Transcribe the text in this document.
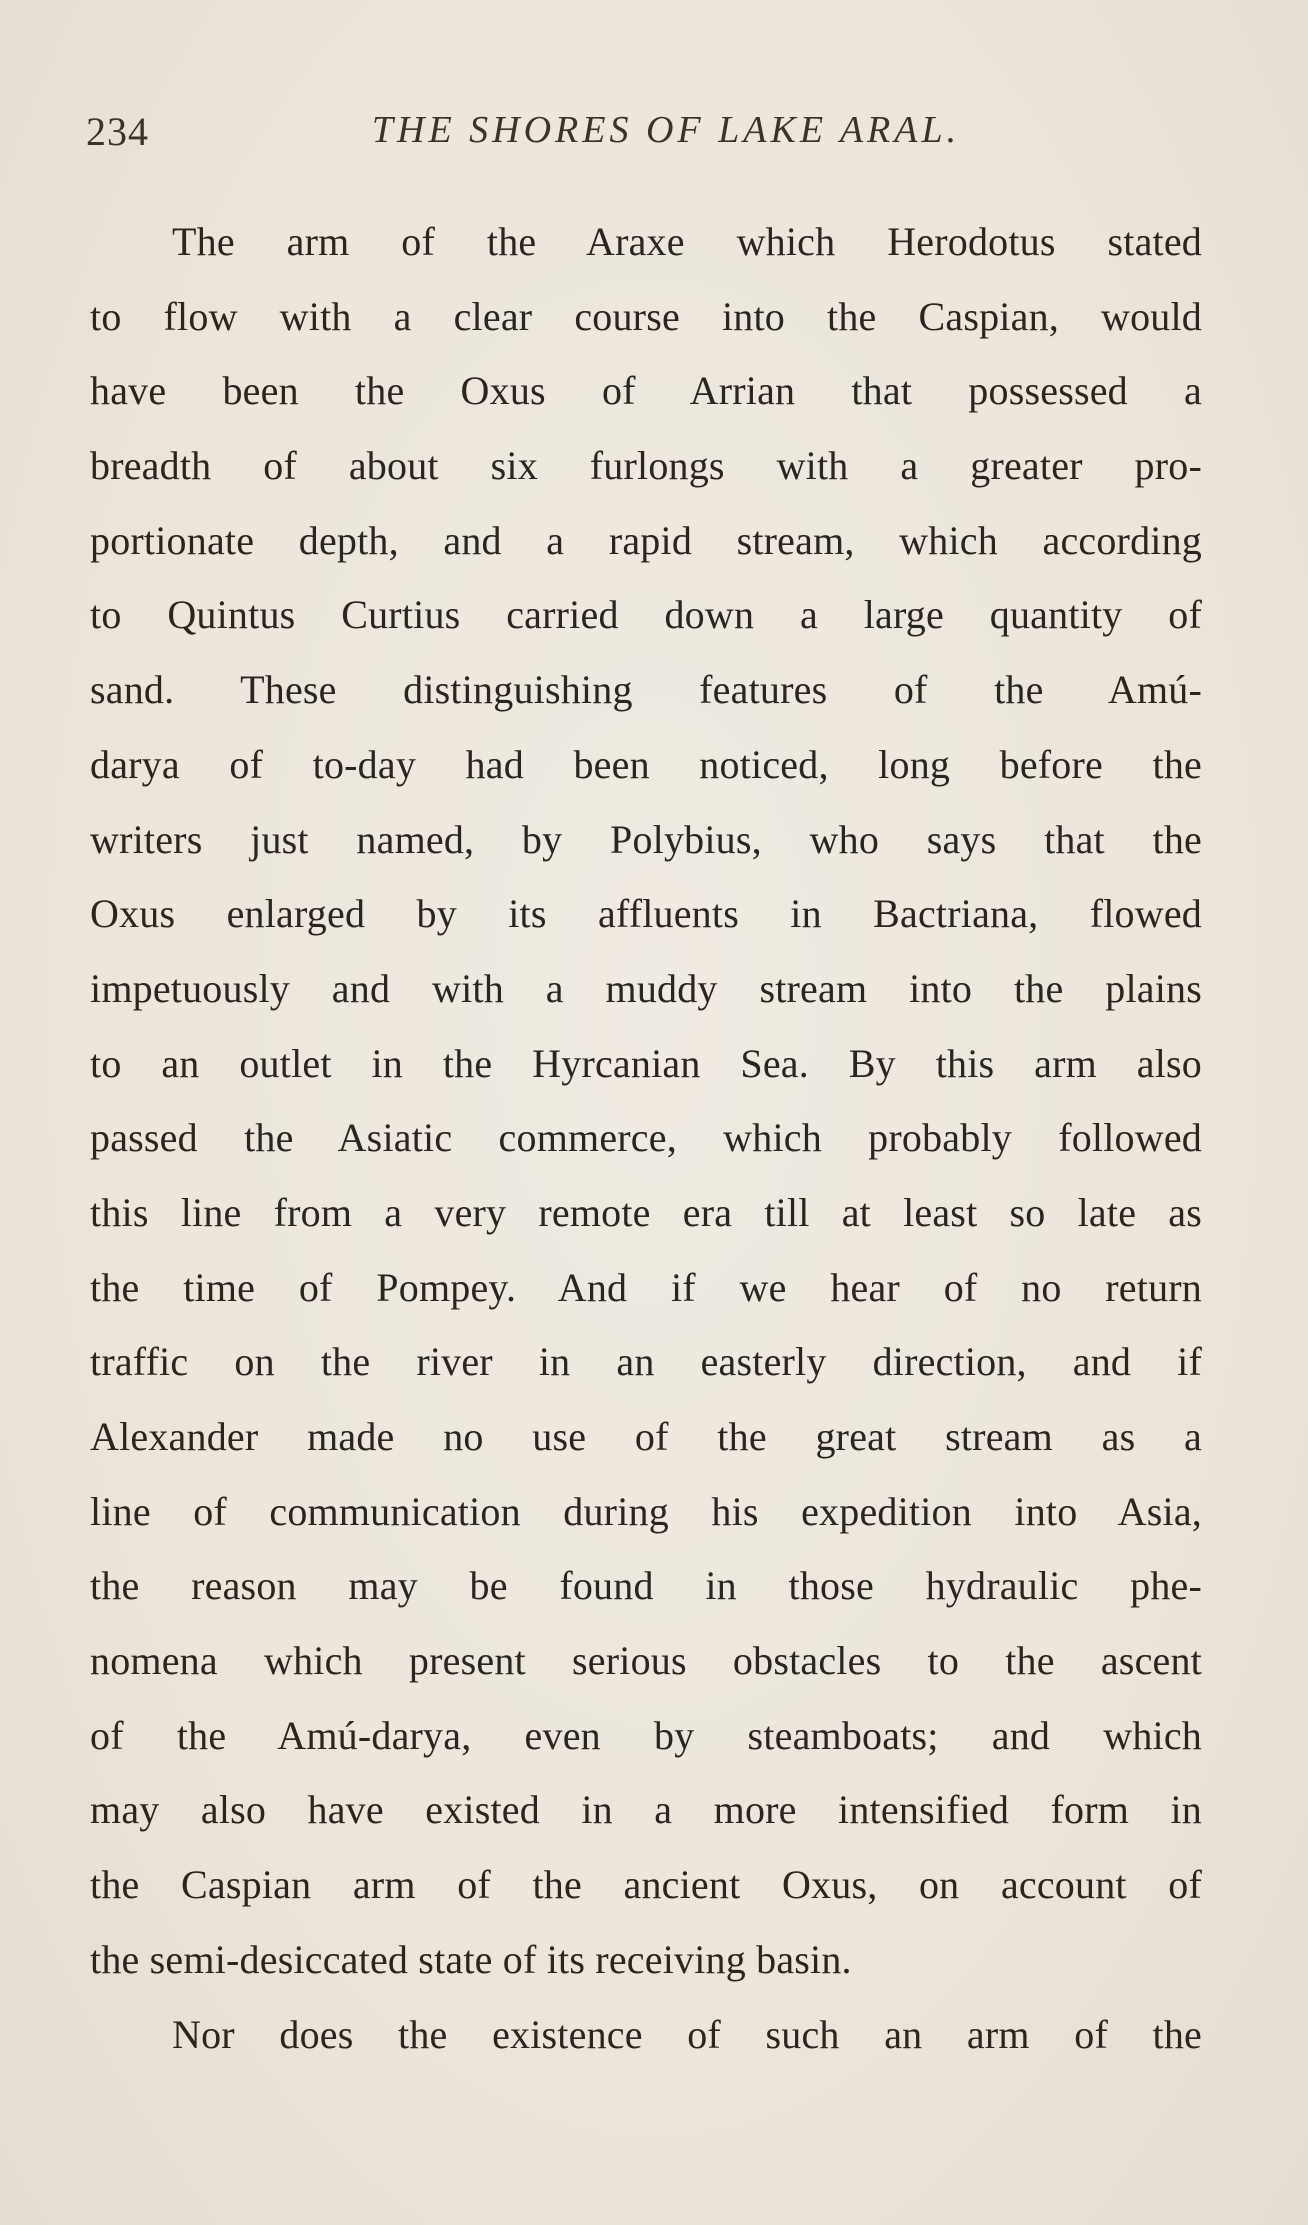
234	THE SHORES OF LAKE ARAL.
The arm of the Araxe which Herodotus stated
to flow with a clear course into the Caspian, would
have been the Oxus of Arrian that possessed a
breadth of about six furlongs with a greater pro-
portionate depth, and a rapid stream, which according
to Quintus Curtius carried down a large quantity of
sand. These distinguishing features of the Amú-
darya of to-day had been noticed, long before the
writers just named, by Polybius, who says that the
Oxus enlarged by its affluents in Bactriana, flowed
impetuously and with a muddy stream into the plains
to an outlet in the Hyrcanian Sea. By this arm also
passed the Asiatic commerce, which probably followed
this line from a very remote era till at least so late as
the time of Pompey. And if we hear of no return
traffic on the river in an easterly direction, and if
Alexander made no use of the great stream as a
line of communication during his expedition into Asia,
the reason may be found in those hydraulic phe-
nomena which present serious obstacles to the ascent
of the Amú-darya, even by steamboats; and which
may also have existed in a more intensified form in
the Caspian arm of the ancient Oxus, on account of
the semi-desiccated state of its receiving basin.
Nor does the existence of such an arm of the
